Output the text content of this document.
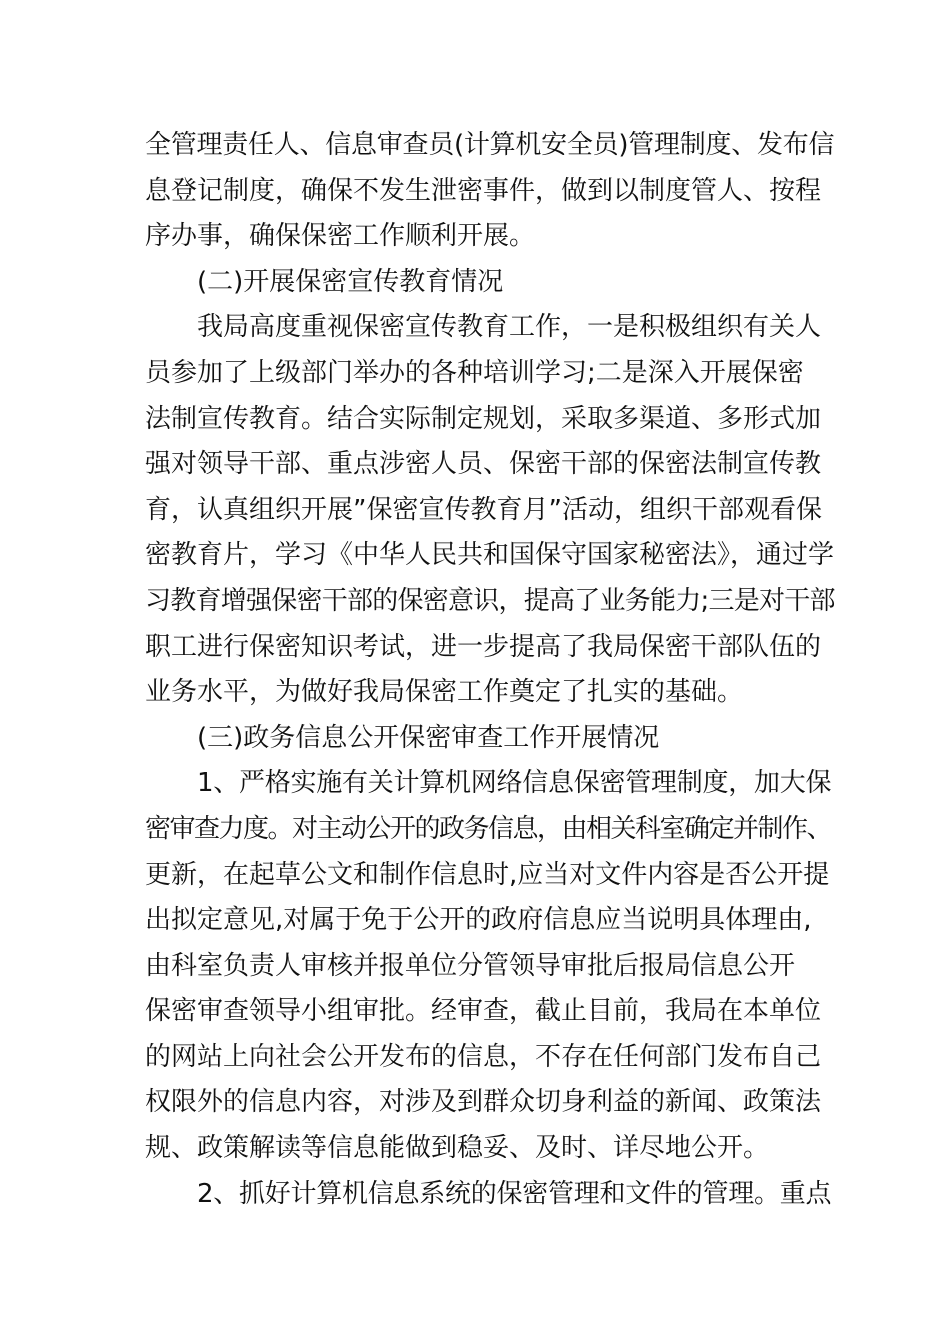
全管理责任人、信息审查员(计算机安全员)管理制度、发布信
息登记制度，确保不发生泄密事件，做到以制度管人、按程
序办事，确保保密工作顺利开展。
(二)开展保密宣传教育情况
我局高度重视保密宣传教育工作，一是积极组织有关人
员参加了上级部门举办的各种培训学习;二是深入开展保密
法制宣传教育。结合实际制定规划，采取多渠道、多形式加
强对领导干部、重点涉密人员、保密干部的保密法制宣传教
育，认真组织开展”保密宣传教育月”活动，组织干部观看保
密教育片，学习《中华人民共和国保守国家秘密法》，通过学
习教育增强保密干部的保密意识，提高了业务能力;三是对干部
职工进行保密知识考试，进一步提高了我局保密干部队伍的
业务水平，为做好我局保密工作奠定了扎实的基础。
(三)政务信息公开保密审查工作开展情况
1、严格实施有关计算机网络信息保密管理制度，加大保
密审查力度。对主动公开的政务信息，由相关科室确定并制作、
更新，在起草公文和制作信息时,应当对文件内容是否公开提
出拟定意见,对属于免于公开的政府信息应当说明具体理由,
由科室负责人审核并报单位分管领导审批后报局信息公开
保密审查领导小组审批。经审查，截止目前，我局在本单位
的网站上向社会公开发布的信息，不存在任何部门发布自己
权限外的信息内容，对涉及到群众切身利益的新闻、政策法
规、政策解读等信息能做到稳妥、及时、详尽地公开。
2、抓好计算机信息系统的保密管理和文件的管理。重点
